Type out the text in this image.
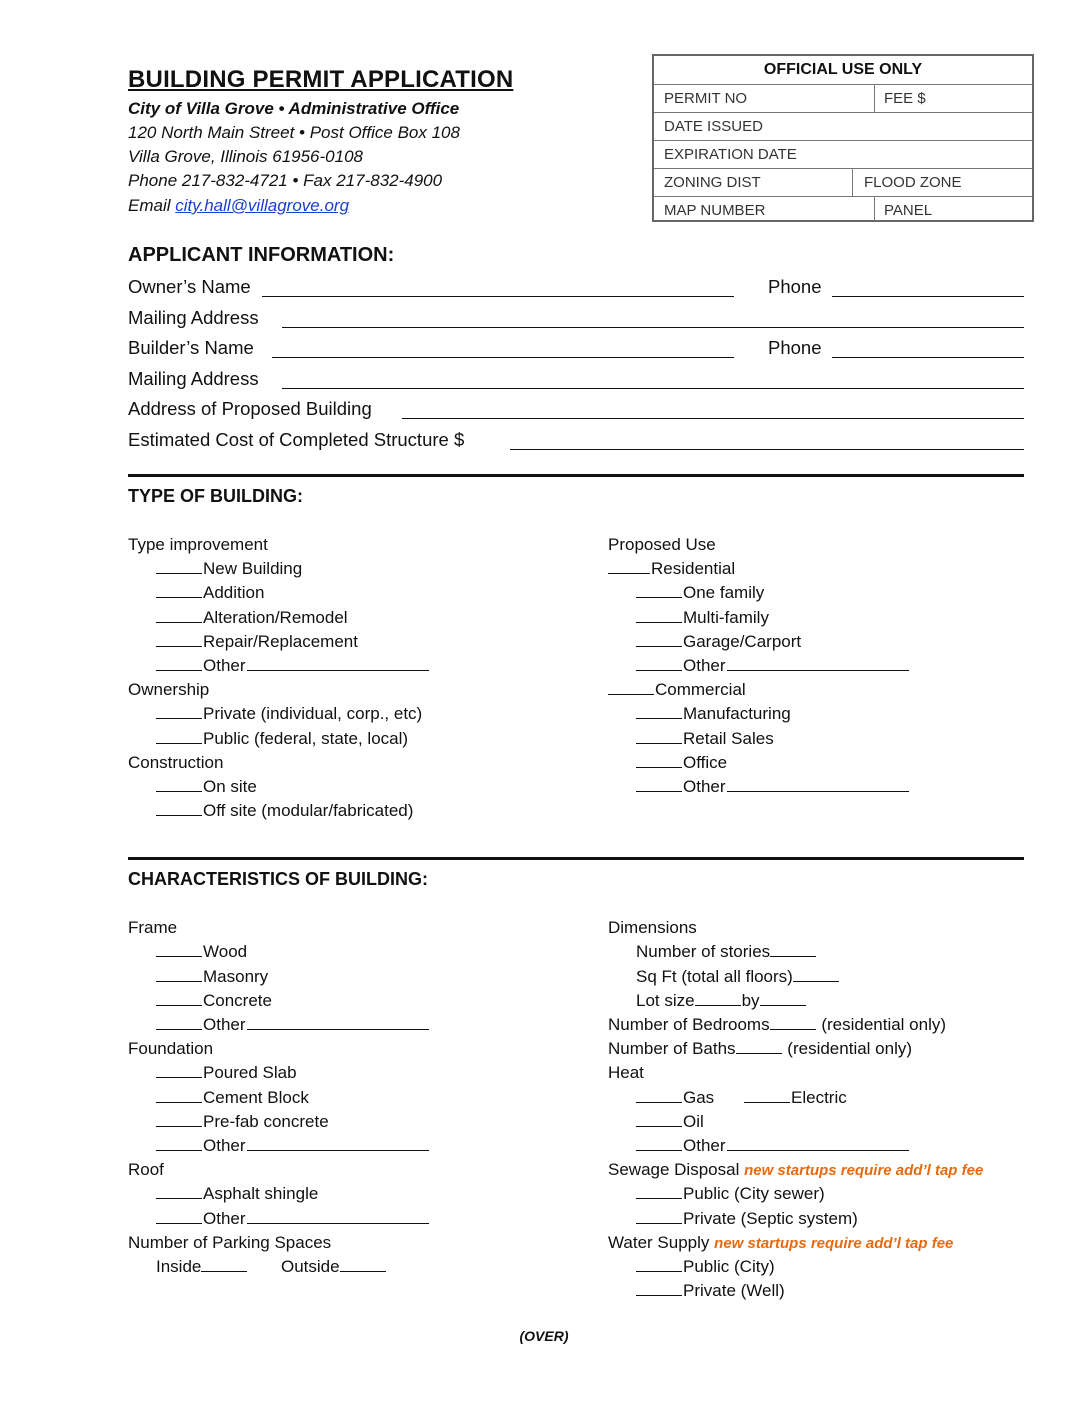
BUILDING PERMIT APPLICATION
City of Villa Grove • Administrative Office
120 North Main Street • Post Office Box 108
Villa Grove, Illinois 61956-0108
Phone 217-832-4721 • Fax 217-832-4900
Email city.hall@villagrove.org
OFFICIAL USE ONLY
PERMIT NO	FEE $
DATE ISSUED
EXPIRATION DATE
ZONING DIST	FLOOD ZONE
MAP NUMBER	PANEL
APPLICANT INFORMATION:
Owner’s Name	Phone
Mailing Address
Builder’s Name	Phone
Mailing Address
Address of Proposed Building
Estimated Cost of Completed Structure $
TYPE OF BUILDING:
Type improvement
New Building
Addition
Alteration/Remodel
Repair/Replacement
Other
Ownership
Private (individual, corp., etc)
Public (federal, state, local)
Construction
On site
Off site (modular/fabricated)
Proposed Use
Residential
One family
Multi-family
Garage/Carport
Other
Commercial
Manufacturing
Retail Sales
Office
Other
CHARACTERISTICS OF BUILDING:
Frame
Wood
Masonry
Concrete
Other
Foundation
Poured Slab
Cement Block
Pre-fab concrete
Other
Roof
Asphalt shingle
Other
Number of Parking Spaces
Inside	Outside
Dimensions
Number of stories
Sq Ft (total all floors)
Lot size	by
Number of Bedrooms	(residential only)
Number of Baths	(residential only)
Heat
Gas	Electric
Oil
Other
Sewage Disposal new startups require add’l tap fee
Public (City sewer)
Private (Septic system)
Water Supply new startups require add’l tap fee
Public (City)
Private (Well)
(OVER)
